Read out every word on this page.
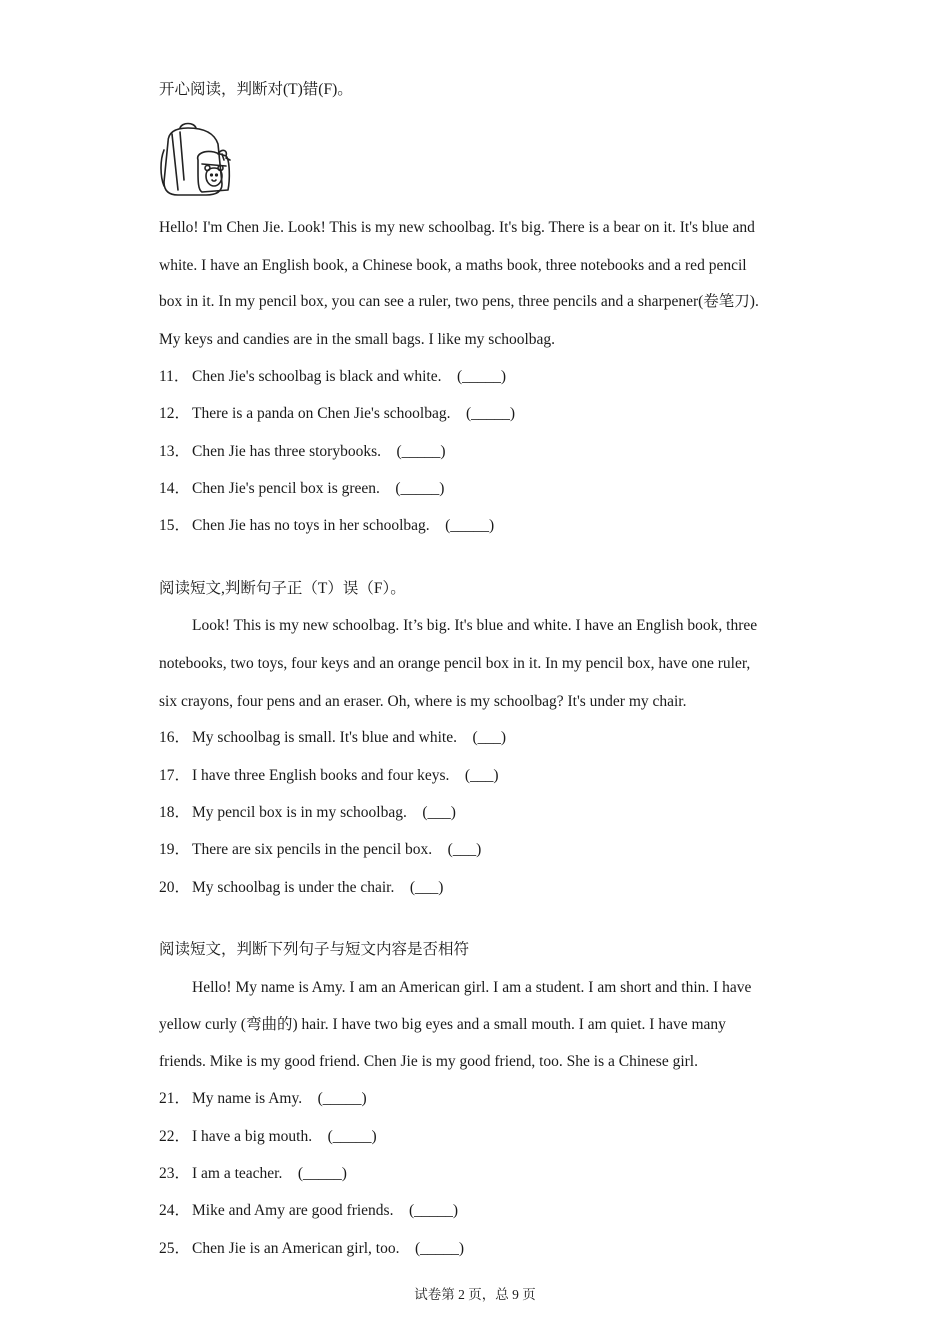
开心阅读，判断对(T)错(F)。
Hello! I'm Chen Jie. Look! This is my new schoolbag. It's big. There is a bear on it. It's blue and
white. I have an English book, a Chinese book, a maths book, three notebooks and a red pencil
box in it. In my pencil box, you can see a ruler, two pens, three pencils and a sharpener(卷笔刀).
My keys and candies are in the small bags. I like my schoolbag.
11． Chen Jie's schoolbag is black and white.　(_____)
12． There is a panda on Chen Jie's schoolbag.　(_____)
13． Chen Jie has three storybooks.　(_____)
14． Chen Jie's pencil box is green.　(_____)
15． Chen Jie has no toys in her schoolbag.　(_____)
阅读短文,判断句子正（T）误（F）。
Look! This is my new schoolbag. It’s big. It's blue and white. I have an English book, three
notebooks, two toys, four keys and an orange pencil box in it. In my pencil box, have one ruler,
six crayons, four pens and an eraser. Oh, where is my schoolbag? It's under my chair.
16． My schoolbag is small. It's blue and white.　(___)
17． I have three English books and four keys.　(___)
18． My pencil box is in my schoolbag.　(___)
19． There are six pencils in the pencil box.　(___)
20． My schoolbag is under the chair.　(___)
阅读短文，判断下列句子与短文内容是否相符
Hello! My name is Amy. I am an American girl. I am a student. I am short and thin. I have
yellow curly (弯曲的) hair. I have two big eyes and a small mouth. I am quiet. I have many
friends. Mike is my good friend. Chen Jie is my good friend, too. She is a Chinese girl.
21． My name is Amy.　(_____)
22． I have a big mouth.　(_____)
23． I am a teacher.　(_____)
24． Mike and Amy are good friends.　(_____)
25． Chen Jie is an American girl, too.　(_____)
试卷第 2 页，总 9 页
